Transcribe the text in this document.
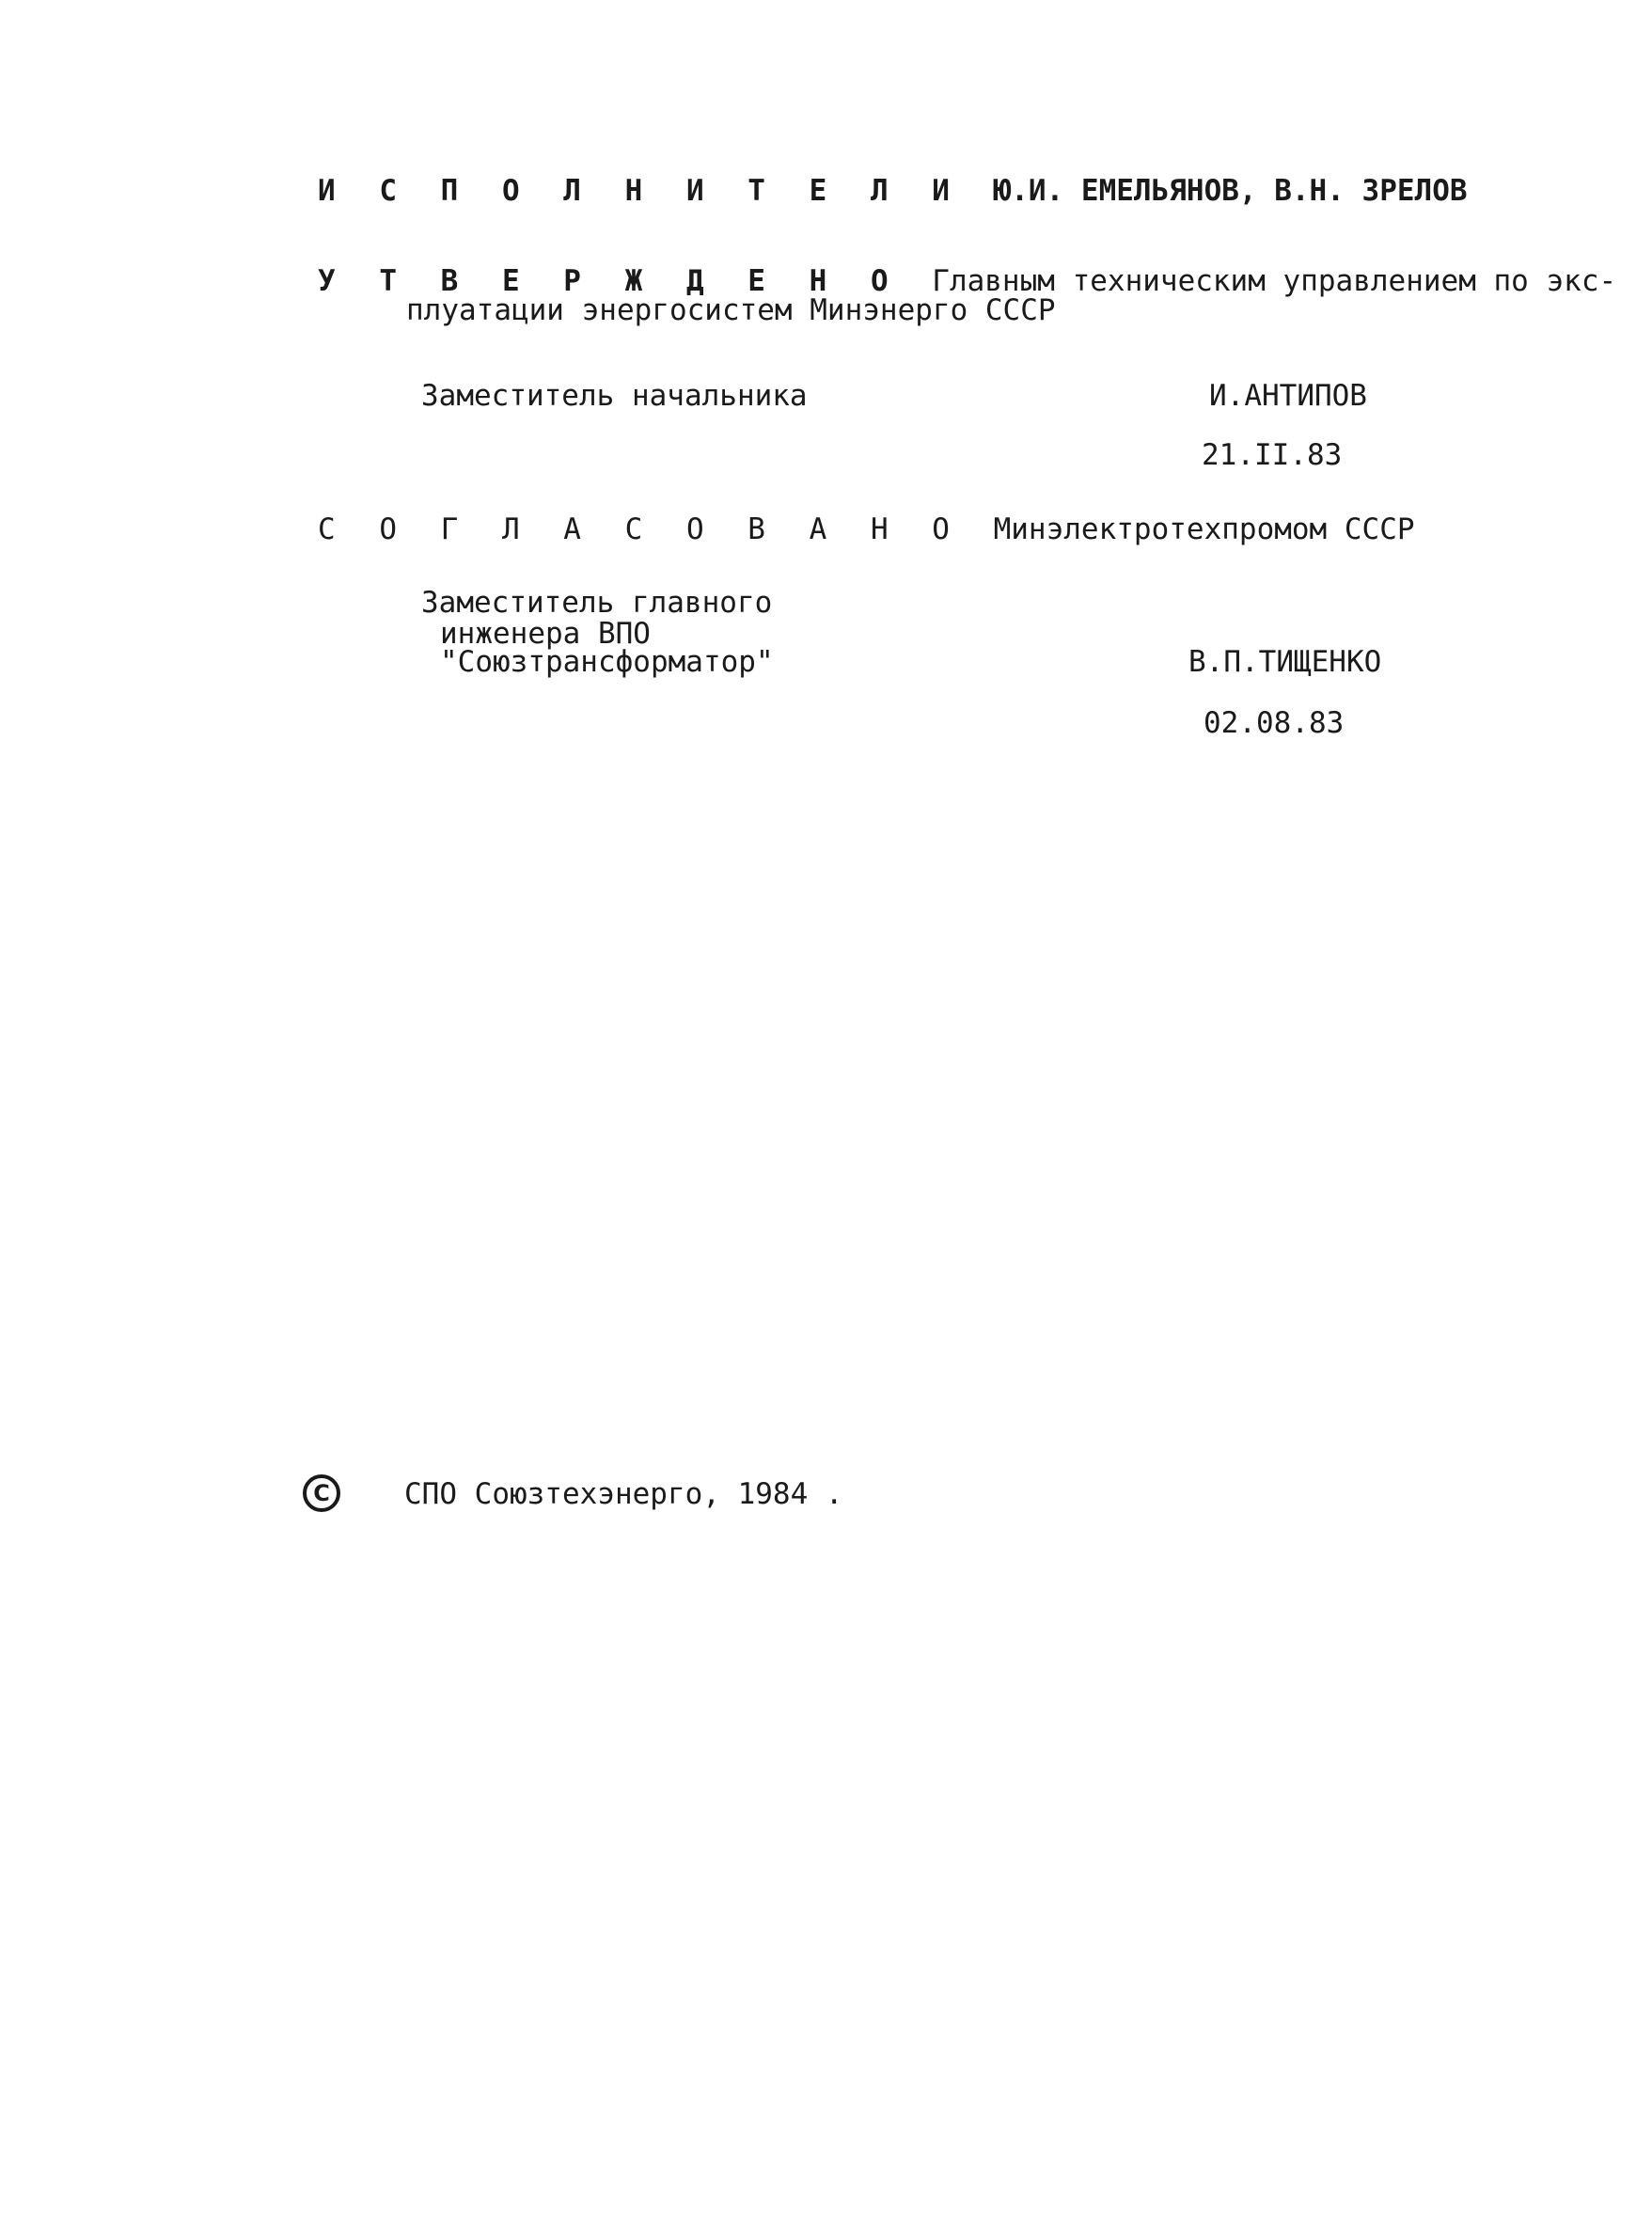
И С П О Л Н И Т Е Л И Ю.И. ЕМЕЛЬЯНОВ, В.Н. ЗРЕЛОВ
У Т В Е Р Ж Д Е Н О Главным техническим управлением по экс-
плуатации энергосистем Минэнерго СССР
Заместитель начальника	И.АНТИПОВ
21.II.83
С О Г Л А С О В А Н О Минэлектротехпромом СССР
Заместитель главного
инженера ВПО
"Союзтрансформатор"	В.П.ТИЩЕНКО
02.08.83
C	СПО Союзтехэнерго, 1984 .
